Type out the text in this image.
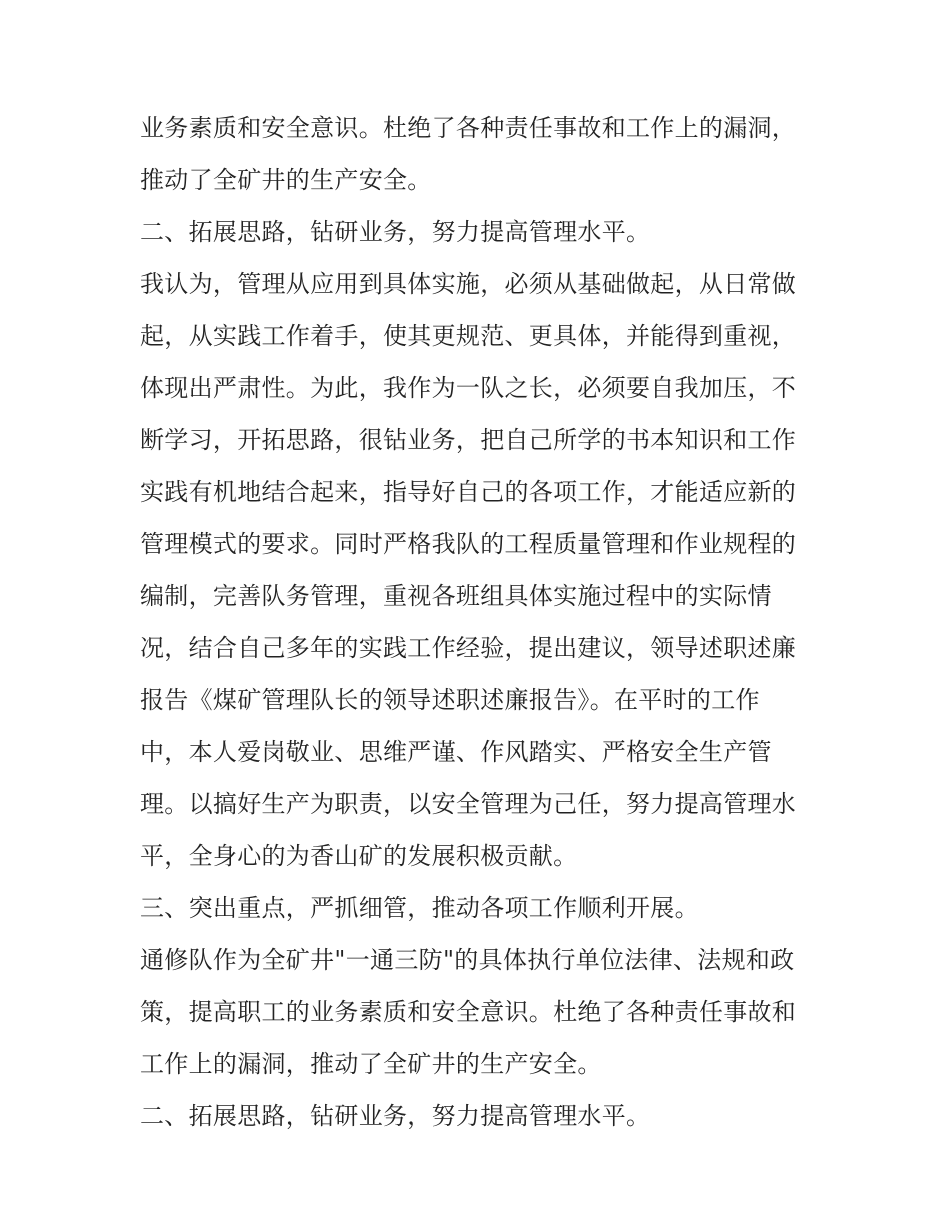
业务素质和安全意识。杜绝了各种责任事故和工作上的漏洞，
推动了全矿井的生产安全。
二、拓展思路，钻研业务，努力提高管理水平。
我认为，管理从应用到具体实施，必须从基础做起，从日常做
起，从实践工作着手，使其更规范、更具体，并能得到重视，
体现出严肃性。为此，我作为一队之长，必须要自我加压，不
断学习，开拓思路，很钻业务，把自己所学的书本知识和工作
实践有机地结合起来，指导好自己的各项工作，才能适应新的
管理模式的要求。同时严格我队的工程质量管理和作业规程的
编制，完善队务管理，重视各班组具体实施过程中的实际情
况，结合自己多年的实践工作经验，提出建议，领导述职述廉
报告《煤矿管理队长的领导述职述廉报告》。在平时的工作
中，本人爱岗敬业、思维严谨、作风踏实、严格安全生产管
理。以搞好生产为职责，以安全管理为己任，努力提高管理水
平，全身心的为香山矿的发展积极贡献。
三、突出重点，严抓细管，推动各项工作顺利开展。
通修队作为全矿井"一通三防"的具体执行单位法律、法规和政
策，提高职工的业务素质和安全意识。杜绝了各种责任事故和
工作上的漏洞，推动了全矿井的生产安全。
二、拓展思路，钻研业务，努力提高管理水平。
